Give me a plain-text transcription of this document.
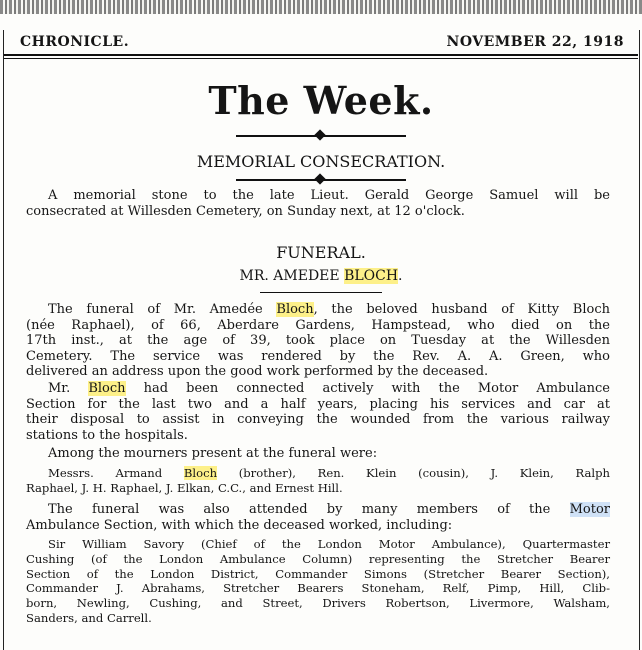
CHRONICLE.	NOVEMBER 22, 1918
The Week.
MEMORIAL CONSECRATION.
A memorial stone to the late Lieut. Gerald George Samuel will be
consecrated at Willesden Cemetery, on Sunday next, at 12 o'clock.
FUNERAL.
MR. AMEDEE BLOCH.
The funeral of Mr. Amedée Bloch, the beloved husband of Kitty Bloch
(née Raphael), of 66, Aberdare Gardens, Hampstead, who died on the
17th inst., at the age of 39, took place on Tuesday at the Willesden
Cemetery. The service was rendered by the Rev. A. A. Green, who
delivered an address upon the good work performed by the deceased.
Mr. Bloch had been connected actively with the Motor Ambulance
Section for the last two and a half years, placing his services and car at
their disposal to assist in conveying the wounded from the various railway
stations to the hospitals.
Among the mourners present at the funeral were:
Messrs. Armand Bloch (brother), Ren. Klein (cousin), J. Klein, Ralph
Raphael, J. H. Raphael, J. Elkan, C.C., and Ernest Hill.
The funeral was also attended by many members of the Motor
Ambulance Section, with which the deceased worked, including:
Sir William Savory (Chief of the London Motor Ambulance), Quartermaster
Cushing (of the London Ambulance Column) representing the Stretcher Bearer
Section of the London District, Commander Simons (Stretcher Bearer Section),
Commander J. Abrahams, Stretcher Bearers Stoneham, Relf, Pimp, Hill, Clib-
born, Newling, Cushing, and Street, Drivers Robertson, Livermore, Walsham,
Sanders, and Carrell.
